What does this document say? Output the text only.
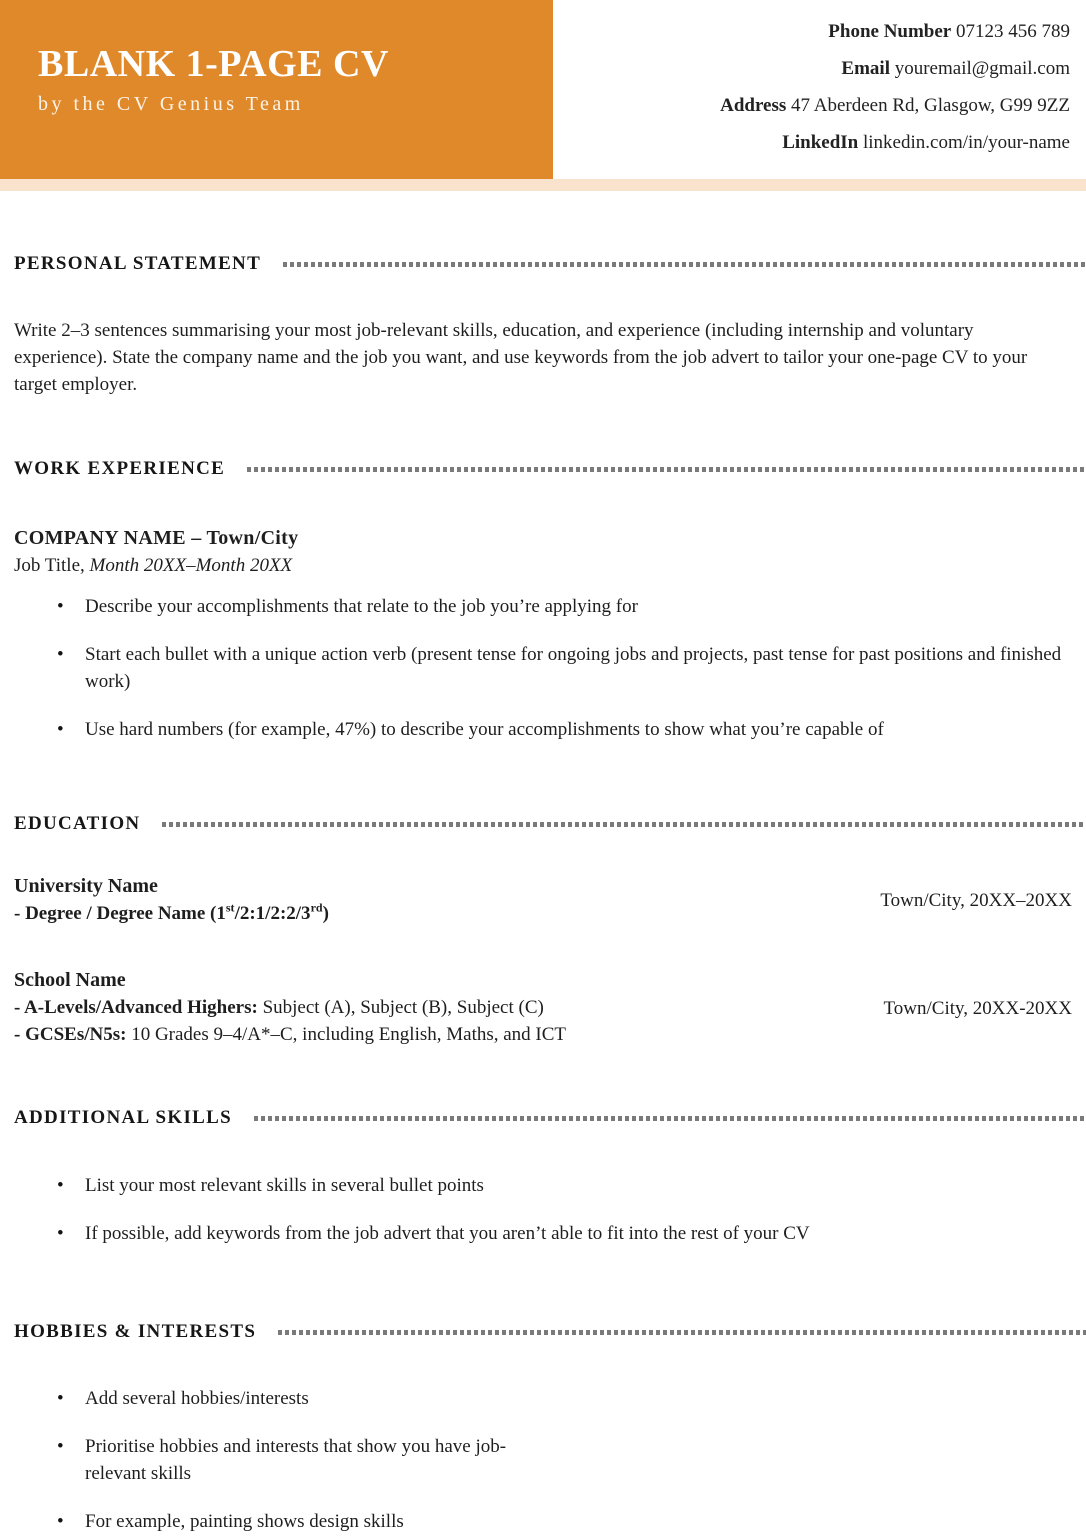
BLANK 1-PAGE CV
by the CV Genius Team
Phone Number 07123 456 789
Email youremail@gmail.com
Address 47 Aberdeen Rd, Glasgow, G99 9ZZ
LinkedIn linkedin.com/in/your-name
PERSONAL STATEMENT

Write 2–3 sentences summarising your most job-relevant skills, education, and experience (including internship and voluntary experience). State the company name and the job you want, and use keywords from the job advert to tailor your one-page CV to your target employer.

WORK EXPERIENCE
COMPANY NAME – Town/City
Job Title, Month 20XX–Month 20XX
• Describe your accomplishments that relate to the job you’re applying for
• Start each bullet with a unique action verb (present tense for ongoing jobs and projects, past tense for past positions and finished work)
• Use hard numbers (for example, 47%) to describe your accomplishments to show what you’re capable of
EDUCATION
University Name
- Degree / Degree Name (1st/2:1/2:2/3rd)
Town/City, 20XX–20XX
School Name
- A-Levels/Advanced Highers: Subject (A), Subject (B), Subject (C)
- GCSEs/N5s: 10 Grades 9–4/A*–C, including English, Maths, and ICT
Town/City, 20XX-20XX
ADDITIONAL SKILLS
• List your most relevant skills in several bullet points
• If possible, add keywords from the job advert that you aren’t able to fit into the rest of your CV
HOBBIES & INTERESTS
• Add several hobbies/interests
• Prioritise hobbies and interests that show you have job-relevant skills
• For example, painting shows design skills
